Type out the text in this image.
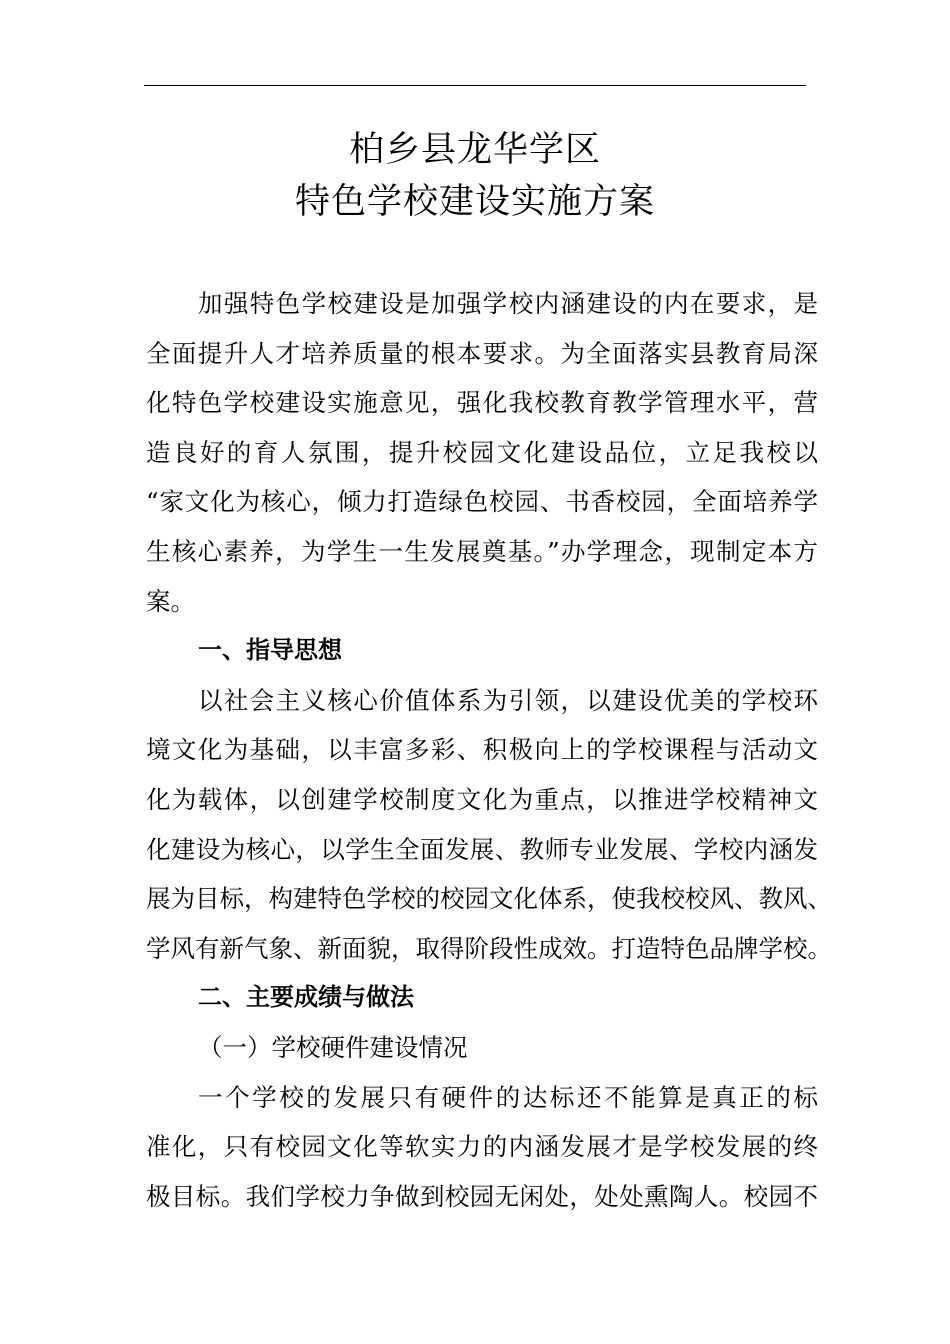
柏乡县龙华学区
特色学校建设实施方案
加强特色学校建设是加强学校内涵建设的内在要求，是
全面提升人才培养质量的根本要求。为全面落实县教育局深
化特色学校建设实施意见，强化我校教育教学管理水平，营
造良好的育人氛围，提升校园文化建设品位，立足我校以
“家文化为核心，倾力打造绿色校园、书香校园，全面培养学
生核心素养，为学生一生发展奠基。”办学理念，现制定本方
案。
一、指导思想
以社会主义核心价值体系为引领，以建设优美的学校环
境文化为基础，以丰富多彩、积极向上的学校课程与活动文
化为载体，以创建学校制度文化为重点，以推进学校精神文
化建设为核心，以学生全面发展、教师专业发展、学校内涵发
展为目标，构建特色学校的校园文化体系，使我校校风、教风、
学风有新气象、新面貌，取得阶段性成效。打造特色品牌学校。
二、主要成绩与做法
（一）学校硬件建设情况
一个学校的发展只有硬件的达标还不能算是真正的标
准化，只有校园文化等软实力的内涵发展才是学校发展的终
极目标。我们学校力争做到校园无闲处，处处熏陶人。校园不
